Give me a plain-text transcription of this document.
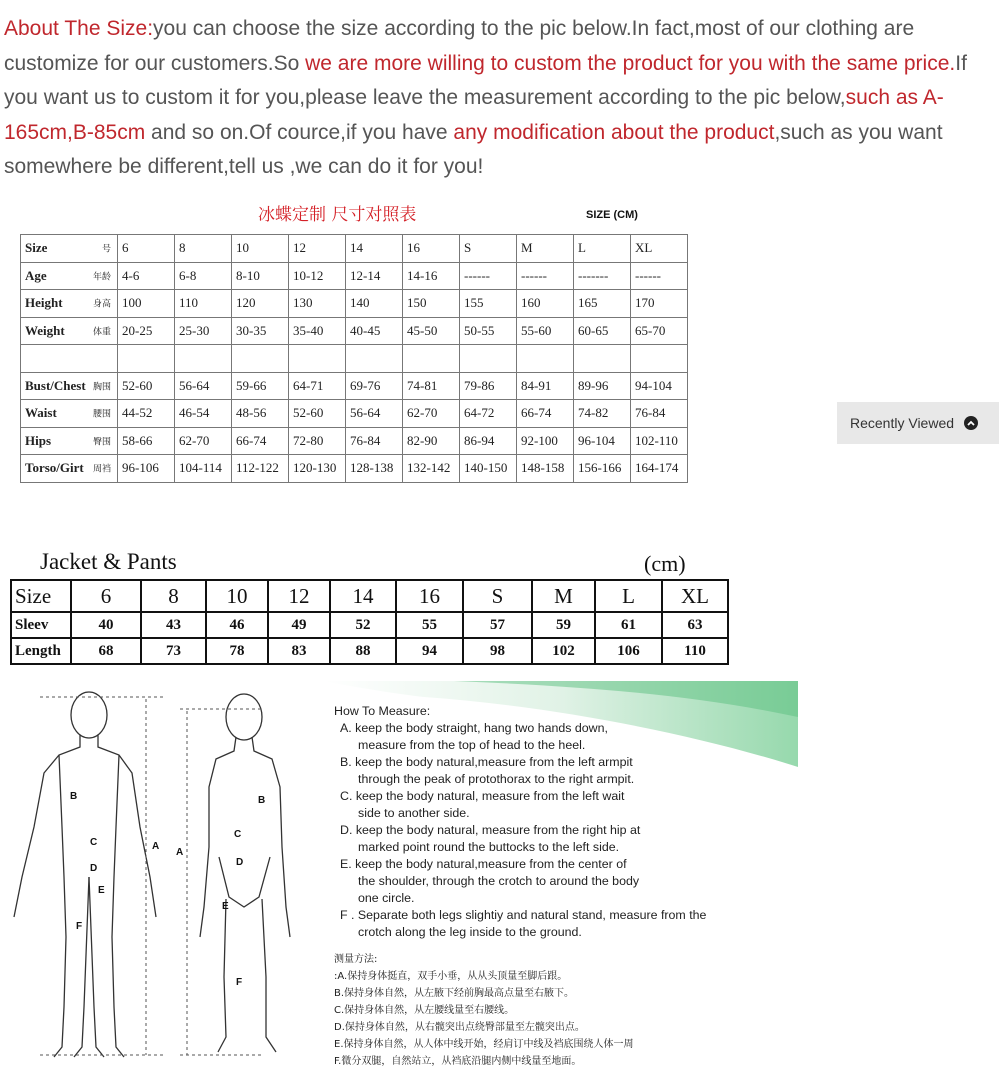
About The Size:you can choose the size according to the pic below.In fact,most of our clothing are customize for our customers.So we are more willing to custom the product for you with the same price.If you want us to custom it for you,please leave the measurement according to the pic below,such as A-165cm,B-85cm and so on.Of cource,if you have any modification about the product,such as you want somewhere be different,tell us ,we can do it for you!
冰蝶定制 尺寸对照表	SIZE (CM)
Size 号	6	8	10	12	14	16	S	M	L	XL
Age 年龄	4-6	6-8	8-10	10-12	12-14	14-16	------	------	-------	------
Height 身高	100	110	120	130	140	150	155	160	165	170
Weight 体重	20-25	25-30	30-35	35-40	40-45	45-50	50-55	55-60	60-65	65-70

Bust/Chest 胸围	52-60	56-64	59-66	64-71	69-76	74-81	79-86	84-91	89-96	94-104
Waist 腰围	44-52	46-54	48-56	52-60	56-64	62-70	64-72	66-74	74-82	76-84
Hips 臀围	58-66	62-70	66-74	72-80	76-84	82-90	86-94	92-100	96-104	102-110
Torso/Girt 周裆	96-106	104-114	112-122	120-130	128-138	132-142	140-150	148-158	156-166	164-174
Recently Viewed
Jacket & Pants	(cm)
Size	6	8	10	12	14	16	S	M	L	XL
Sleev	40	43	46	49	52	55	57	59	61	63
Length	68	73	78	83	88	94	98	102	106	110
A
A
B	B
C
C
D
D
E
E
F
F
How To Measure:
A. keep the body straight, hang two hands down,
measure from the top of head to the heel.
B. keep the body natural,measure from the left armpit
through the peak of protothorax to the right armpit.
C. keep the body natural, measure from the left wait
side to another side.
D. keep the body natural, measure from the right hip at
marked point round the buttocks to the left side.
E. keep the body natural,measure from the center of
the shoulder, through the crotch to around the body
one circle.
F . Separate both legs slightiy and natural stand, measure from the
crotch along the leg inside to the ground.
测量方法:
:A.保持身体挺直，双手小垂，从从头顶量至脚后跟。
B.保持身体自然，从左腋下经前胸最高点量至右腋下。
C.保持身体自然，从左腰线量至右腰线。
D.保持身体自然，从右髋突出点绕臀部量至左髋突出点。
E.保持身体自然，从人体中线开始，经肩订中线及裆底围绕人体一周
F.微分双腿，自然站立，从裆底沿腿内侧中线量至地面。
